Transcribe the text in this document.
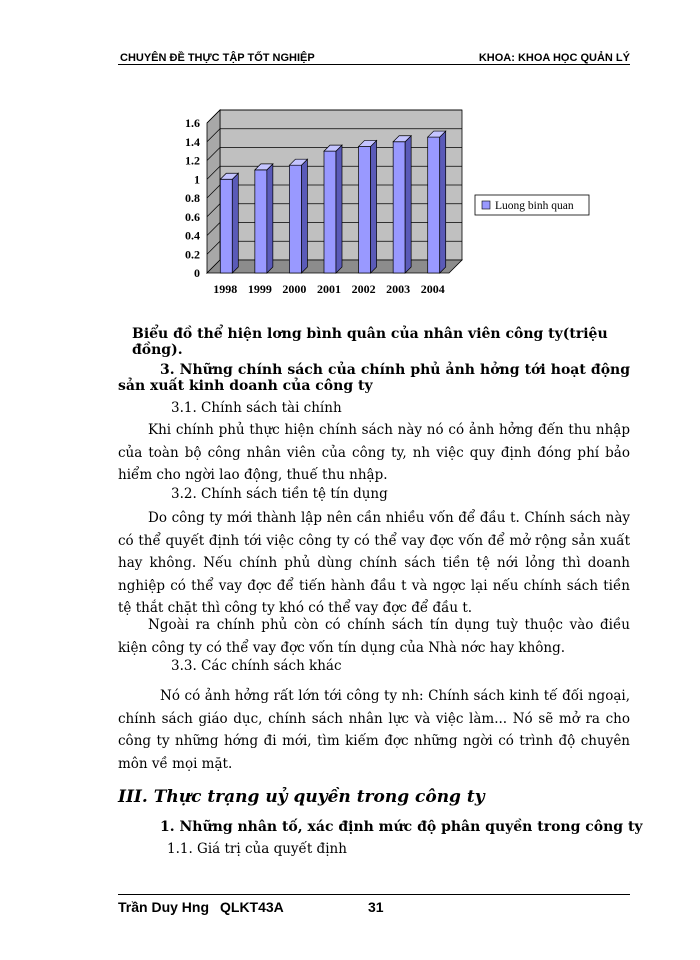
CHUYÊN ĐỀ THỰC TẬP TỐT NGHIỆP	KHOA: KHOA HỌC QUẢN LÝ
0
0.2
0.4
0.6
0.8
1
1.2
1.4
1.6
1998 1999 2000 2001 2002 2003 2004
Luong binh quan
Biểu đồ thể hiện lơng bình quân của nhân viên công ty(triệu đồng).
3. Những chính sách của chính phủ ảnh hởng tới hoạt động sản xuất kinh doanh của công ty
3.1. Chính sách tài chính
Khi chính phủ thực hiện chính sách này nó có ảnh hởng đến thu nhập của toàn bộ công nhân viên của công ty, nh việc quy định đóng phí bảo hiểm cho ngời lao động, thuế thu nhập.
3.2. Chính sách tiền tệ tín dụng
Do công ty mới thành lập nên cần nhiều vốn để đầu t. Chính sách này có thể quyết định tới việc công ty có thể vay đợc vốn để mở rộng sản xuất hay không. Nếu chính phủ dùng chính sách tiền tệ nới lỏng thì doanh nghiệp có thể vay đợc để tiến hành đầu t và ngợc lại nếu chính sách tiền tệ thắt chặt thì công ty khó có thể vay đợc để đầu t.
Ngoài ra chính phủ còn có chính sách tín dụng tuỳ thuộc vào điều kiện công ty có thể vay đợc vốn tín dụng của Nhà nớc hay không.
3.3. Các chính sách khác
Nó có ảnh hởng rất lớn tới công ty nh: Chính sách kinh tế đối ngoại, chính sách giáo dục, chính sách nhân lực và việc làm... Nó sẽ mở ra cho công ty những hớng đi mới, tìm kiếm đợc những ngời có trình độ chuyên môn về mọi mặt.
III. Thực trạng uỷ quyền trong công ty
1. Những nhân tố, xác định mức độ phân quyền trong công ty
1.1. Giá trị của quyết định
Trần Duy Hng QLKT43A	31
